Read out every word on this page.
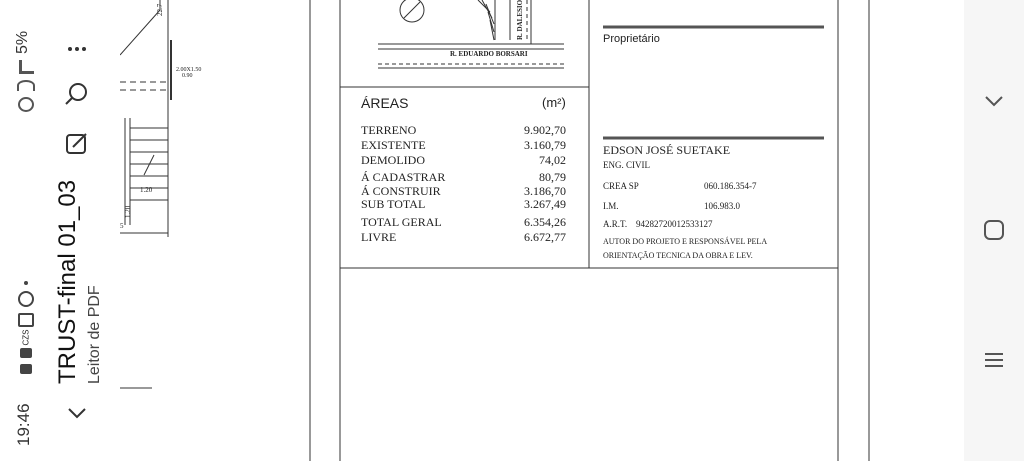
19:46
CZS
5%
TRUST-final 01_03 Leitor de PDF
R. EDUARDO BORSARI
R. DALESIO
22.7
2.00X1.50
0.90
1.20
1.20
5
ÁREAS	(m²)
TERRENO	9.902,70
EXISTENTE	3.160,79
DEMOLIDO	74,02
Á CADASTRAR	80,79
Á CONSTRUIR	3.186,70
SUB TOTAL	3.267,49
TOTAL GERAL	6.354,26
LIVRE	6.672,77
Proprietário
EDSON JOSÉ SUETAKE
ENG. CIVIL
CREA SP	060.186.354-7
I.M.	106.983.0
A.R.T. 94282720012533127
AUTOR DO PROJETO E RESPONSÁVEL PELA
ORIENTAÇÃO TECNICA DA OBRA E LEV.
